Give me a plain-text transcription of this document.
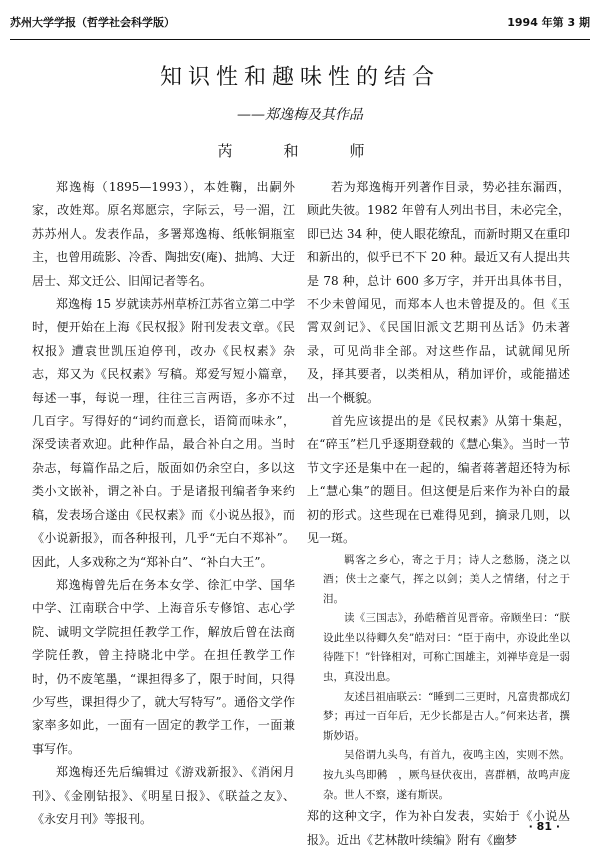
苏州大学学报（哲学社会科学版）	1994 年第 3 期
知识性和趣味性的结合
——郑逸梅及其作品
芮　和　师

郑逸梅（1895—1993），本姓鞠，出嗣外家，改姓郑。原名郑愿宗，字际云，号一湄，江苏苏州人。发表作品，多署郑逸梅、纸帐铜瓶室主，也曾用疏影、冷香、陶拙安(庵)、拙鸠、大迂居士、郑文迁公、旧闻记者等名。

郑逸梅 15 岁就读苏州草桥江苏省立第二中学时，便开始在上海《民权报》附刊发表文章。《民权报》遭袁世凯压迫停刊，改办《民权素》杂志，郑又为《民权素》写稿。郑爱写短小篇章，每述一事，每说一理，往往三言两语，多亦不过几百字。写得好的“词约而意长，语简而味永”，深受读者欢迎。此种作品，最合补白之用。当时杂志，每篇作品之后，版面如仍余空白，多以这类小文嵌补，谓之补白。于是诸报刊编者争来约稿，发表场合遂由《民权素》而《小说丛报》，而《小说新报》，而各种报刊，几乎“无白不郑补”。因此，人多戏称之为“郑补白”、“补白大王”。

郑逸梅曾先后在务本女学、徐汇中学、国华中学、江南联合中学、上海音乐专修馆、志心学院、诚明文学院担任教学工作，解放后曾在法商学院任教，曾主持晓北中学。在担任教学工作时，仍不废笔墨，“课担得多了，限于时间，只得少写些，课担得少了，就大写特写”。通俗文学作家率多如此，一面有一固定的教学工作，一面兼事写作。

郑逸梅还先后编辑过《游戏新报》、《消闲月刊》、《金刚钻报》、《明星日报》、《联益之友》、《永安月刊》等报刊。

若为郑逸梅开列著作目录，势必挂东漏西，顾此失彼。1982 年曾有人列出书目，未必完全，即已达 34 种，使人眼花缭乱，而新时期又在重印和新出的，似乎已不下 20 种。最近又有人提出共是 78 种，总计 600 多万字，并开出具体书目，不少未曾闻见，而郑本人也未曾提及的。但《玉霄双剑记》、《民国旧派文艺期刊丛话》仍未著录，可见尚非全部。对这些作品，试就闻见所及，择其要者，以类相从，稍加评价，或能描述出一个概貌。

首先应该提出的是《民权素》从第十集起，在“碎玉”栏几乎逐期登载的《慧心集》。当时一节节文字还是集中在一起的，编者蒋著超还特为标上“慧心集”的题目。但这便是后来作为补白的最初的形式。这些现在已难得见到，摘录几则，以见一斑。

羁客之乡心，寄之于月；诗人之愁肠，浇之以酒；侠士之豪气，挥之以剑；美人之情绪，付之于泪。

读《三国志》，孙皓稽首见晋帝。帝顾坐曰：“朕设此坐以待卿久矣”皓对曰：“臣于南中，亦设此坐以待陛下！”针锋相对，可称亡国雄主，刘禅毕竟是一弱虫，真没出息。

友述吕祖庙联云：“睡到二三更时，凡富贵都成幻梦；再过一百年后，无少长都是古人。”何来达者，撰斯妙语。

吴俗谓九头鸟，有首九，夜鸣主凶，实则不然。按九头鸟即鸺　，厥鸟昼伏夜出，喜群栖，故鸣声庞杂。世人不察，遂有斯误。

郑的这种文字，作为补白发表，实始于《小说丛报》。近出《艺林散叶续编》附有《幽梦

· 81 ·
